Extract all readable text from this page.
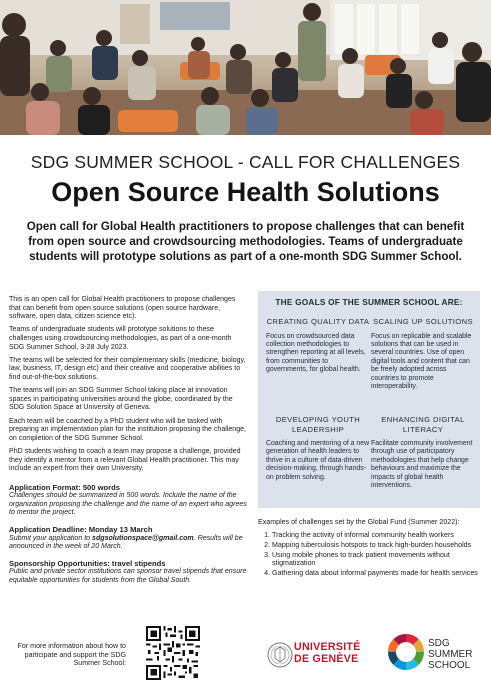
SDG SUMMER SCHOOL - CALL FOR CHALLENGES
Open Source Health Solutions
Open call for Global Health practitioners to propose challenges that can benefit from open source and crowdsourcing methodologies. Teams of undergraduate students will prototype solutions as part of a one-month SDG Summer School.

This is an open call for Global Health practitioners to propose challenges that can benefit from open source solutions (open source hardware, software, open data, citizen science etc).

Teams of undergraduate students will prototype solutions to these challenges using crowdsourcing methodologies, as part of a one-month SDG Summer School, 3-28 July 2023.

The teams will be selected for their complementary skills (medicine, biology, law, business, IT, design etc) and their creative and cooperative abilities to find out-of-the-box solutions.

The teams will join an SDG Summer School taking place at innovation spaces in participating universities around the globe, coordinated by the SDG Solution Space at University of Geneva.

Each team will be coached by a PhD student who will be tasked with preparing an implementation plan for the institution proposing the challenge, on completion of the SDG Summer School.

PhD students wishing to coach a team may propose a challenge, provided they identify a mentor from a relevant Global Health practitioner. This may include an expert from their own University.

Application Format: 500 words
Challenges should be summarized in 500 words. Include the name of the organization proposing the challenge and the name of an expert who agrees to mentor the project.
Application Deadline: Monday 13 March
Submit your application to sdgsolutionspace@gmail.com. Results will be announced in the week of 20 March.
Sponsorship Opportunities: travel stipends
Public and private sector institutions can sponsor travel stipends that ensure equitable opportunities for students from the Global South.
THE GOALS OF THE SUMMER SCHOOL ARE:
CREATING QUALITY DATA
Focus on crowdsourced data collection methodologies to strengthen reporting at all levels, from communities to governments, for global health.
SCALING UP SOLUTIONS
Focus on replicable and scalable solutions that can be used in several countries. Use of open digital tools and content that can be freely adopted across countries to promote interoperability.
DEVELOPING YOUTH LEADERSHIP
Coaching and mentoring of a new generation of health leaders to thrive in a culture of data-driven decision-making, through hands-on problem solving.
ENHANCING DIGITAL LITERACY
Facilitate community involvement through use of participatory methodologies that help change behaviours and maximize the impacts of global health interventions.
Examples of challenges set by the Global Fund (Summer 2022):
1. Tracking the activity of informal community health workers
2. Mapping tuberculosis hotspots to track high-burden households
3. Using mobile phones to track patient movements without stigmatization
4. Gathering data about informal payments made for health services
For more information about how to participate and support the SDG Summer School:
UNIVERSITÉ
DE GENÈVE
SDG
SUMMER
SCHOOL
